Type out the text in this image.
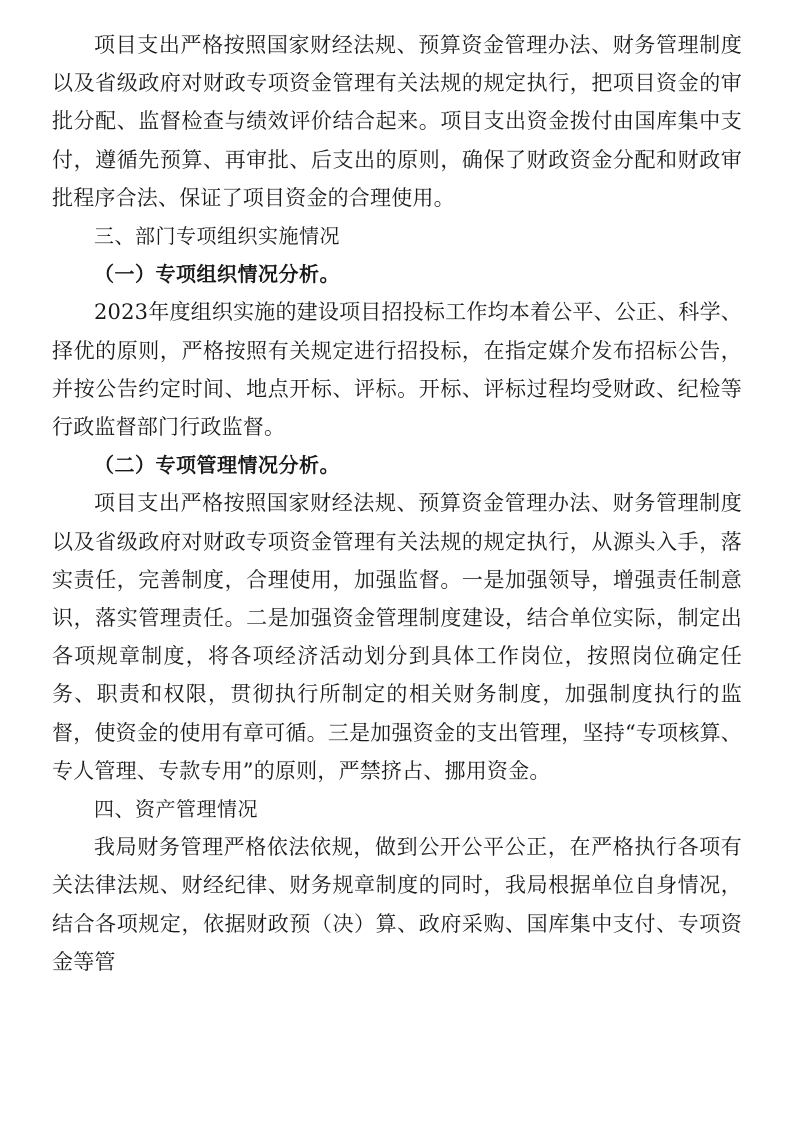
项目支出严格按照国家财经法规、预算资金管理办法、财务管理制度以及省级政府对财政专项资金管理有关法规的规定执行，把项目资金的审批分配、监督检查与绩效评价结合起来。项目支出资金拨付由国库集中支付，遵循先预算、再审批、后支出的原则，确保了财政资金分配和财政审批程序合法、保证了项目资金的合理使用。

三、部门专项组织实施情况

（一）专项组织情况分析。

2023年度组织实施的建设项目招投标工作均本着公平、公正、科学、择优的原则，严格按照有关规定进行招投标，在指定媒介发布招标公告，并按公告约定时间、地点开标、评标。开标、评标过程均受财政、纪检等行政监督部门行政监督。

（二）专项管理情况分析。

项目支出严格按照国家财经法规、预算资金管理办法、财务管理制度以及省级政府对财政专项资金管理有关法规的规定执行，从源头入手，落实责任，完善制度，合理使用，加强监督。一是加强领导，增强责任制意识，落实管理责任。二是加强资金管理制度建设，结合单位实际，制定出各项规章制度，将各项经济活动划分到具体工作岗位，按照岗位确定任务、职责和权限，贯彻执行所制定的相关财务制度，加强制度执行的监督，使资金的使用有章可循。三是加强资金的支出管理，坚持“专项核算、专人管理、专款专用”的原则，严禁挤占、挪用资金。

四、资产管理情况

我局财务管理严格依法依规，做到公开公平公正，在严格执行各项有关法律法规、财经纪律、财务规章制度的同时，我局根据单位自身情况，结合各项规定，依据财政预（决）算、政府采购、国库集中支付、专项资金等管
